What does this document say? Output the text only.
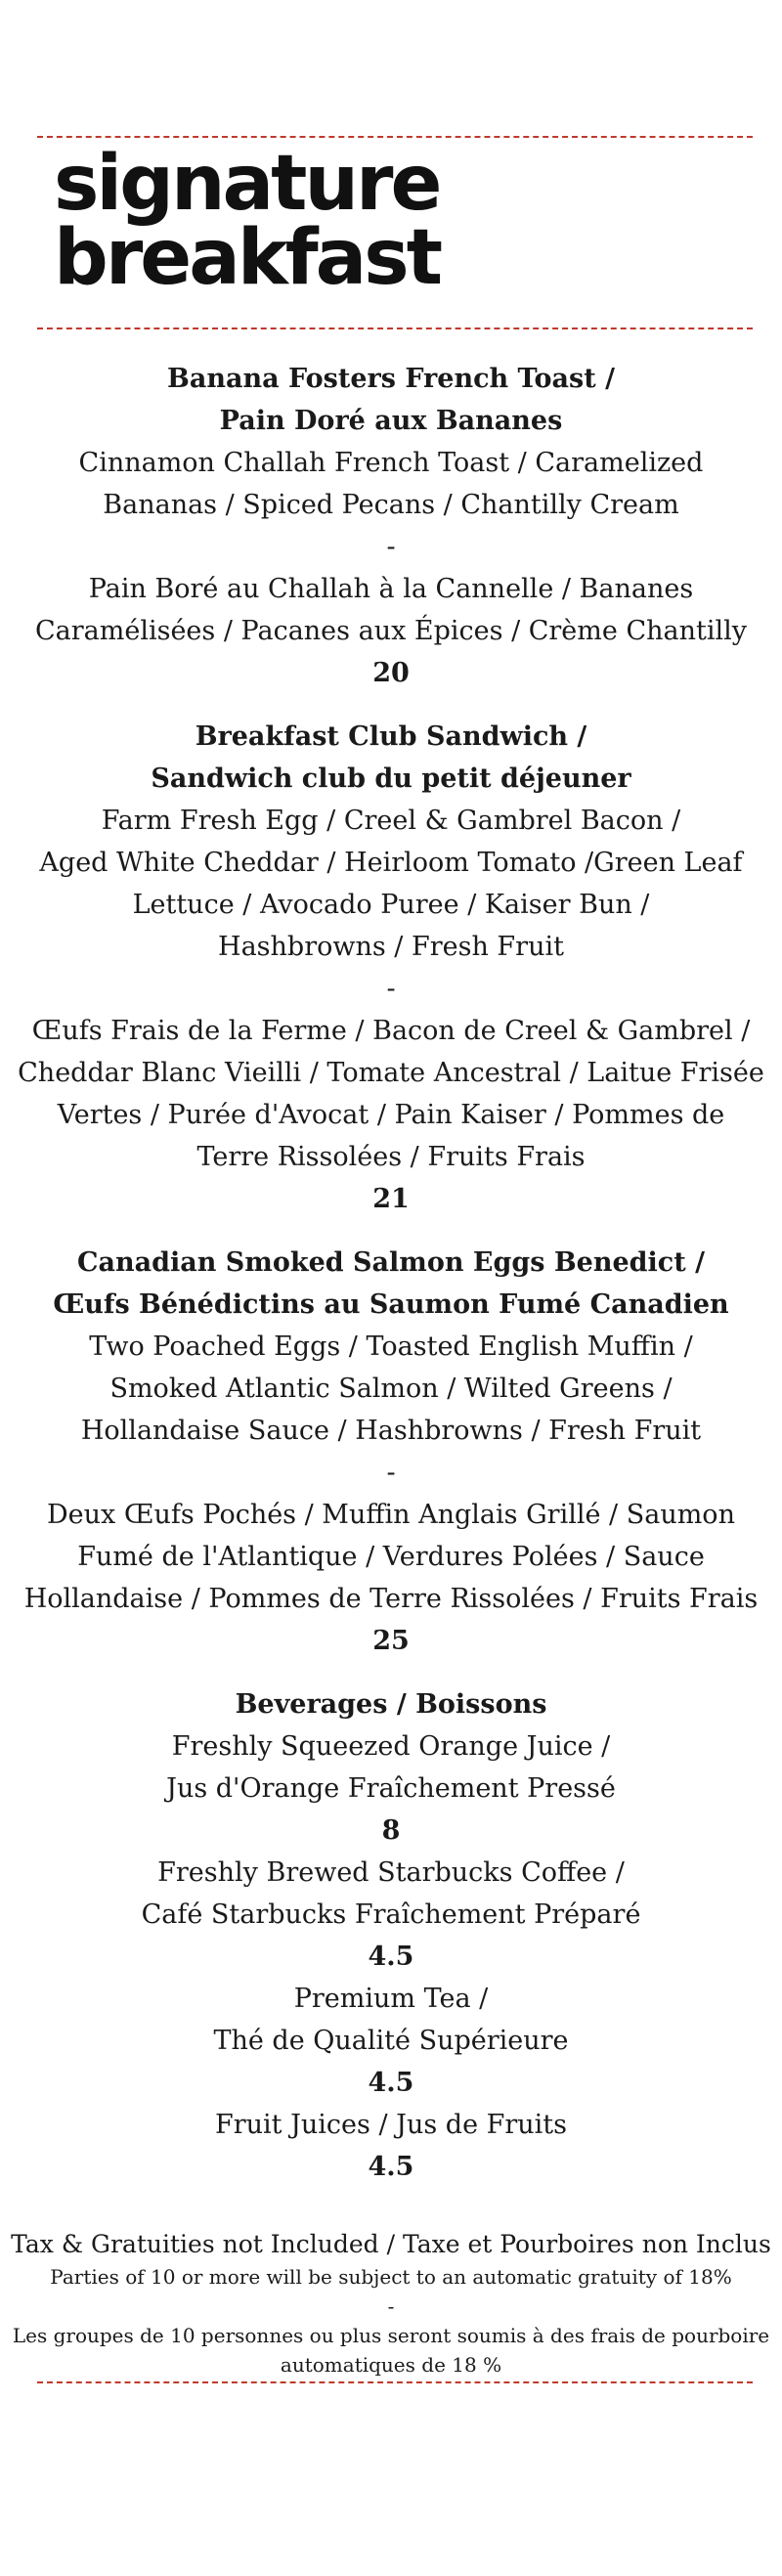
signature
breakfast
Banana Fosters French Toast /
Pain Doré aux Bananes
Cinnamon Challah French Toast / Caramelized
Bananas / Spiced Pecans / Chantilly Cream
-
Pain Boré au Challah à la Cannelle / Bananes
Caramélisées / Pacanes aux Épices / Crème Chantilly
20
Breakfast Club Sandwich /
Sandwich club du petit déjeuner
Farm Fresh Egg / Creel & Gambrel Bacon /
Aged White Cheddar / Heirloom Tomato /Green Leaf
Lettuce / Avocado Puree / Kaiser Bun /
Hashbrowns / Fresh Fruit
-
Œufs Frais de la Ferme / Bacon de Creel & Gambrel /
Cheddar Blanc Vieilli / Tomate Ancestral / Laitue Frisée
Vertes / Purée d'Avocat / Pain Kaiser / Pommes de
Terre Rissolées / Fruits Frais
21
Canadian Smoked Salmon Eggs Benedict /
Œufs Bénédictins au Saumon Fumé Canadien
Two Poached Eggs / Toasted English Muffin /
Smoked Atlantic Salmon / Wilted Greens /
Hollandaise Sauce / Hashbrowns / Fresh Fruit
-
Deux Œufs Pochés / Muffin Anglais Grillé / Saumon
Fumé de l'Atlantique / Verdures Polées / Sauce
Hollandaise / Pommes de Terre Rissolées / Fruits Frais
25
Beverages / Boissons
Freshly Squeezed Orange Juice /
Jus d'Orange Fraîchement Pressé
8
Freshly Brewed Starbucks Coffee /
Café Starbucks Fraîchement Préparé
4.5
Premium Tea /
Thé de Qualité Supérieure
4.5
Fruit Juices / Jus de Fruits
4.5
Tax & Gratuities not Included / Taxe et Pourboires non Inclus
Parties of 10 or more will be subject to an automatic gratuity of 18%
-
Les groupes de 10 personnes ou plus seront soumis à des frais de pourboire
automatiques de 18 %
